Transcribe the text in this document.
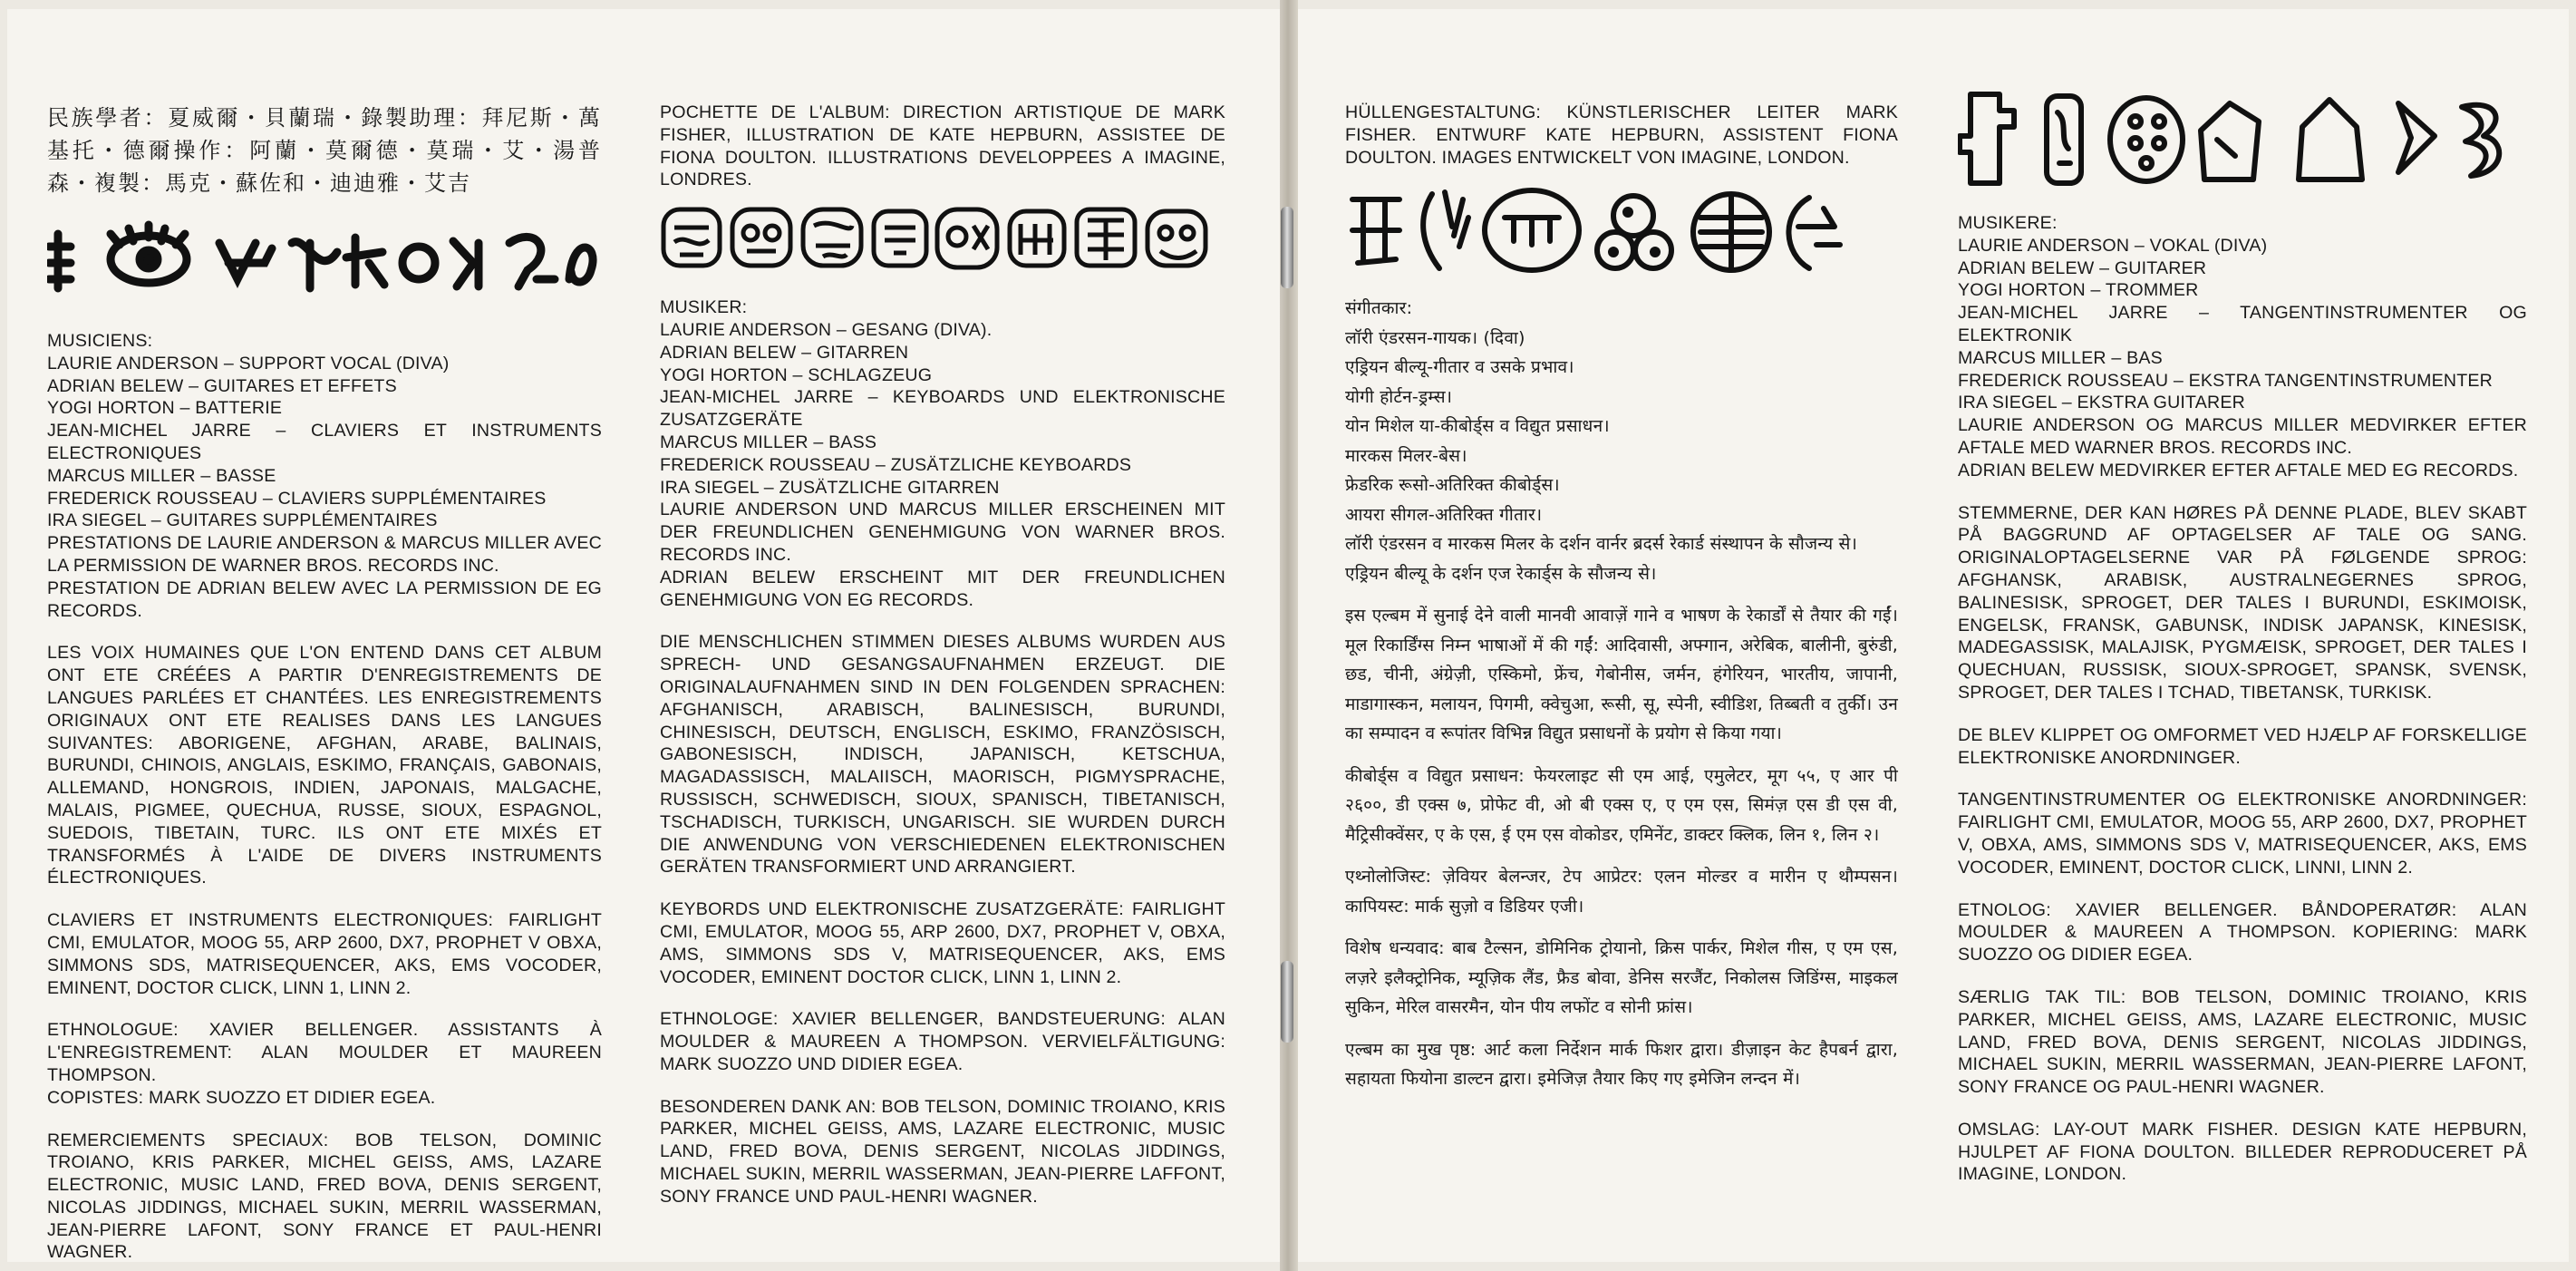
民族學者：夏威爾・貝蘭瑞・錄製助理：拜尼斯・萬基托・德爾操作：阿蘭・莫爾德・莫瑞・艾・湯普森・複製：馬克・蘇佐和・迪迪雅・艾吉

MUSICIENS:
LAURIE ANDERSON – SUPPORT VOCAL (DIVA)
ADRIAN BELEW – GUITARES ET EFFETS
YOGI HORTON – BATTERIE
JEAN-MICHEL JARRE – CLAVIERS ET INSTRUMENTS ELECTRONIQUES
MARCUS MILLER – BASSE
FREDERICK ROUSSEAU – CLAVIERS SUPPLÉMENTAIRES
IRA SIEGEL – GUITARES SUPPLÉMENTAIRES
PRESTATIONS DE LAURIE ANDERSON & MARCUS MILLER AVEC LA PERMISSION DE WARNER BROS. RECORDS INC.
PRESTATION DE ADRIAN BELEW AVEC LA PERMISSION DE EG RECORDS.

LES VOIX HUMAINES QUE L'ON ENTEND DANS CET ALBUM ONT ETE CRÉÉES A PARTIR D'ENREGISTREMENTS DE LANGUES PARLÉES ET CHANTÉES. LES ENREGISTREMENTS ORIGINAUX ONT ETE REALISES DANS LES LANGUES SUIVANTES: ABORIGENE, AFGHAN, ARABE, BALINAIS, BURUNDI, CHINOIS, ANGLAIS, ESKIMO, FRANÇAIS, GABONAIS, ALLEMAND, HONGROIS, INDIEN, JAPONAIS, MALGACHE, MALAIS, PIGMEE, QUECHUA, RUSSE, SIOUX, ESPAGNOL, SUEDOIS, TIBETAIN, TURC. ILS ONT ETE MIXÉS ET TRANSFORMÉS À L'AIDE DE DIVERS INSTRUMENTS ÉLECTRONIQUES.

CLAVIERS ET INSTRUMENTS ELECTRONIQUES: FAIRLIGHT CMI, EMULATOR, MOOG 55, ARP 2600, DX7, PROPHET V OBXA, SIMMONS SDS, MATRISEQUENCER, AKS, EMS VOCODER, EMINENT, DOCTOR CLICK, LINN 1, LINN 2.

ETHNOLOGUE: XAVIER BELLENGER. ASSISTANTS À L'ENREGISTREMENT: ALAN MOULDER ET MAUREEN THOMPSON.
COPISTES: MARK SUOZZO ET DIDIER EGEA.

REMERCIEMENTS SPECIAUX: BOB TELSON, DOMINIC TROIANO, KRIS PARKER, MICHEL GEISS, AMS, LAZARE ELECTRONIC, MUSIC LAND, FRED BOVA, DENIS SERGENT, NICOLAS JIDDINGS, MICHAEL SUKIN, MERRIL WASSERMAN, JEAN-PIERRE LAFONT, SONY FRANCE ET PAUL-HENRI WAGNER.

POCHETTE DE L'ALBUM: DIRECTION ARTISTIQUE DE MARK FISHER, ILLUSTRATION DE KATE HEPBURN, ASSISTEE DE FIONA DOULTON. ILLUSTRATIONS DEVELOPPEES A IMAGINE, LONDRES.

MUSIKER:
LAURIE ANDERSON – GESANG (DIVA).
ADRIAN BELEW – GITARREN
YOGI HORTON – SCHLAGZEUG
JEAN-MICHEL JARRE – KEYBOARDS UND ELEKTRONISCHE ZUSATZGERÄTE
MARCUS MILLER – BASS
FREDERICK ROUSSEAU – ZUSÄTZLICHE KEYBOARDS
IRA SIEGEL – ZUSÄTZLICHE GITARREN
LAURIE ANDERSON UND MARCUS MILLER ERSCHEINEN MIT DER FREUNDLICHEN GENEHMIGUNG VON WARNER BROS. RECORDS INC.
ADRIAN BELEW ERSCHEINT MIT DER FREUNDLICHEN GENEHMIGUNG VON EG RECORDS.

DIE MENSCHLICHEN STIMMEN DIESES ALBUMS WURDEN AUS SPRECH- UND GESANGSAUFNAHMEN ERZEUGT. DIE ORIGINALAUFNAHMEN SIND IN DEN FOLGENDEN SPRACHEN: AFGHANISCH, ARABISCH, BALINESISCH, BURUNDI, CHINESISCH, DEUTSCH, ENGLISCH, ESKIMO, FRANZÖSISCH, GABONESISCH, INDISCH, JAPANISCH, KETSCHUA, MAGADASSISCH, MALAIISCH, MAORISCH, PIGMYSPRACHE, RUSSISCH, SCHWEDISCH, SIOUX, SPANISCH, TIBETANISCH, TSCHADISCH, TURKISCH, UNGARISCH. SIE WURDEN DURCH DIE ANWENDUNG VON VERSCHIEDENEN ELEKTRONISCHEN GERÄTEN TRANSFORMIERT UND ARRANGIERT.

KEYBORDS UND ELEKTRONISCHE ZUSATZGERÄTE: FAIRLIGHT CMI, EMULATOR, MOOG 55, ARP 2600, DX7, PROPHET V, OBXA, AMS, SIMMONS SDS V, MATRISEQUENCER, AKS, EMS VOCODER, EMINENT DOCTOR CLICK, LINN 1, LINN 2.

ETHNOLOGE: XAVIER BELLENGER, BANDSTEUERUNG: ALAN MOULDER & MAUREEN A THOMPSON. VERVIELFÄLTIGUNG: MARK SUOZZO UND DIDIER EGEA.

BESONDEREN DANK AN: BOB TELSON, DOMINIC TROIANO, KRIS PARKER, MICHEL GEISS, AMS, LAZARE ELECTRONIC, MUSIC LAND, FRED BOVA, DENIS SERGENT, NICOLAS JIDDINGS, MICHAEL SUKIN, MERRIL WASSERMAN, JEAN-PIERRE LAFFONT, SONY FRANCE UND PAUL-HENRI WAGNER.

HÜLLENGESTALTUNG: KÜNSTLERISCHER LEITER MARK FISHER. ENTWURF KATE HEPBURN, ASSISTENT FIONA DOULTON. IMAGES ENTWICKELT VON IMAGINE, LONDON.

संगीतकार:
लॉरी एंडरसन-गायक। (दिवा)
एड्रियन बील्यू-गीतार व उसके प्रभाव।
योगी होर्टन-ड्रम्स।
योन मिशेल या-कीबोर्ड्स व विद्युत प्रसाधन।
मारकस मिलर-बेस।
फ्रेडरिक रूसो-अतिरिक्त कीबोर्ड्स।
आयरा सीगल-अतिरिक्त गीतार।
लॉरी एंडरसन व मारकस मिलर के दर्शन वार्नर ब्रदर्स रेकार्ड संस्थापन के सौजन्य से।
एड्रियन बील्यू के दर्शन एज रेकार्ड्स के सौजन्य से।

इस एल्बम में सुनाई देने वाली मानवी आवाज़ें गाने व भाषण के रेकार्डों से तैयार की गईं। मूल रिकार्डिंग्स निम्न भाषाओं में की गईं: आदिवासी, अफ्गान, अरेबिक, बालीनी, बुरुंडी, छड, चीनी, अंग्रेज़ी, एस्किमो, फ्रेंच, गेबोनीस, जर्मन, हंगेरियन, भारतीय, जापानी, माडागास्कन, मलायन, पिगमी, क्वेचुआ, रूसी, सू, स्पेनी, स्वीडिश, तिब्बती व तुर्की। उन का सम्पादन व रूपांतर विभिन्न विद्युत प्रसाधनों के प्रयोग से किया गया।

कीबोर्ड्स व विद्युत प्रसाधन: फेयरलाइट सी एम आई, एमुलेटर, मूग ५५, ए आर पी २६००, डी एक्स ७, प्रोफेट वी, ओ बी एक्स ए, ए एम एस, सिमंज़ एस डी एस वी, मैट्रिसीक्वेंसर, ए के एस, ई एम एस वोकोडर, एमिनेंट, डाक्टर क्लिक, लिन १, लिन २।

एथ्नोलोजिस्ट: ज़ेवियर बेलन्जर, टेप आप्रेटर: एलन मोल्डर व मारीन ए थौम्पसन। कापियस्ट: मार्क सुज़ो व डिडियर एजी।

विशेष धन्यवाद: बाब टैल्सन, डोमिनिक ट्रोयानो, क्रिस पार्कर, मिशेल गीस, ए एम एस, लज़रे इलैक्ट्रोनिक, म्यूज़िक लैंड, फ्रैड बोवा, डेनिस सरजैंट, निकोलस जिडिंग्स, माइकल सुकिन, मेरिल वासरमैन, योन पीय लफोंट व सोनी फ्रांस।

एल्बम का मुख पृष्ठ: आर्ट कला निर्देशन मार्क फिशर द्वारा। डीज़ाइन केट हैपबर्न द्वारा, सहायता फियोना डाल्टन द्वारा। इमेजिज़ तैयार किए गए इमेजिन लन्दन में।

MUSIKERE:
LAURIE ANDERSON – VOKAL (DIVA)
ADRIAN BELEW – GUITARER
YOGI HORTON – TROMMER
JEAN-MICHEL JARRE – TANGENTINSTRUMENTER OG ELEKTRONIK
MARCUS MILLER – BAS
FREDERICK ROUSSEAU – EKSTRA TANGENTINSTRUMENTER
IRA SIEGEL – EKSTRA GUITARER
LAURIE ANDERSON OG MARCUS MILLER MEDVIRKER EFTER AFTALE MED WARNER BROS. RECORDS INC.
ADRIAN BELEW MEDVIRKER EFTER AFTALE MED EG RECORDS.

STEMMERNE, DER KAN HØRES PÅ DENNE PLADE, BLEV SKABT PÅ BAGGRUND AF OPTAGELSER AF TALE OG SANG. ORIGINALOPTAGELSERNE VAR PÅ FØLGENDE SPROG: AFGHANSK, ARABISK, AUSTRALNEGERNES SPROG, BALINESISK, SPROGET, DER TALES I BURUNDI, ESKIMOISK, ENGELSK, FRANSK, GABUNSK, INDISK JAPANSK, KINESISK, MADEGASSISK, MALAJISK, PYGMÆISK, SPROGET, DER TALES I QUECHUAN, RUSSISK, SIOUX-SPROGET, SPANSK, SVENSK, SPROGET, DER TALES I TCHAD, TIBETANSK, TURKISK.

DE BLEV KLIPPET OG OMFORMET VED HJÆLP AF FORSKELLIGE ELEKTRONISKE ANORDNINGER.

TANGENTINSTRUMENTER OG ELEKTRONISKE ANORDNINGER: FAIRLIGHT CMI, EMULATOR, MOOG 55, ARP 2600, DX7, PROPHET V, OBXA, AMS, SIMMONS SDS V, MATRISEQUENCER, AKS, EMS VOCODER, EMINENT, DOCTOR CLICK, LINNI, LINN 2.

ETNOLOG: XAVIER BELLENGER. BÅNDOPERATØR: ALAN MOULDER & MAUREEN A THOMPSON. KOPIERING: MARK SUOZZO OG DIDIER EGEA.

SÆRLIG TAK TIL: BOB TELSON, DOMINIC TROIANO, KRIS PARKER, MICHEL GEISS, AMS, LAZARE ELECTRONIC, MUSIC LAND, FRED BOVA, DENIS SERGENT, NICOLAS JIDDINGS, MICHAEL SUKIN, MERRIL WASSERMAN, JEAN-PIERRE LAFONT, SONY FRANCE OG PAUL-HENRI WAGNER.

OMSLAG: LAY-OUT MARK FISHER. DESIGN KATE HEPBURN, HJULPET AF FIONA DOULTON. BILLEDER REPRODUCERET PÅ IMAGINE, LONDON.
